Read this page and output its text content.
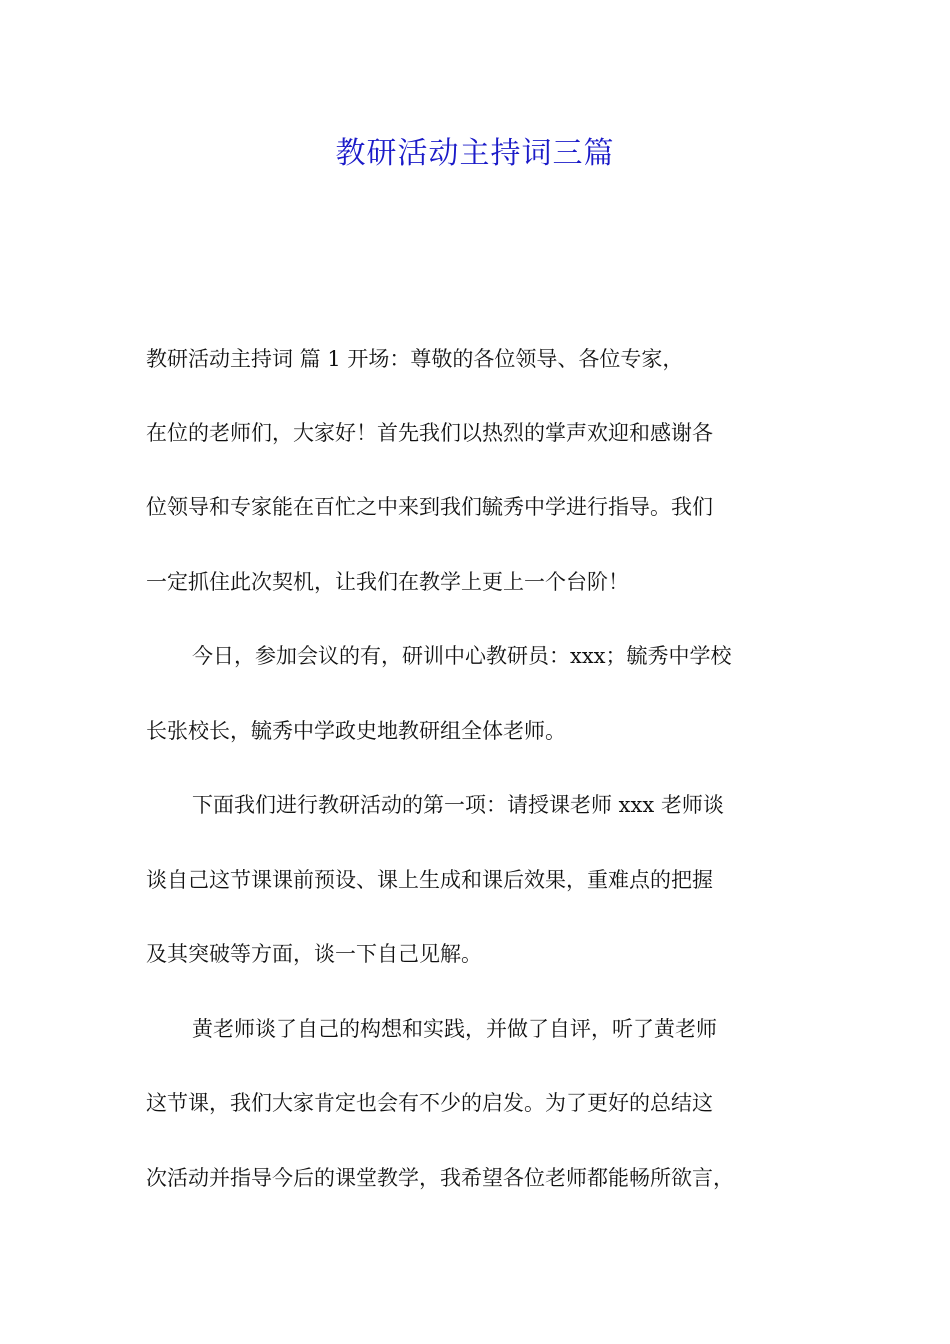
教研活动主持词三篇
教研活动主持词 篇 1 开场：尊敬的各位领导、各位专家，
在位的老师们，大家好！首先我们以热烈的掌声欢迎和感谢各
位领导和专家能在百忙之中来到我们毓秀中学进行指导。我们
一定抓住此次契机，让我们在教学上更上一个台阶！
今日，参加会议的有，研训中心教研员：xxx；毓秀中学校
长张校长，毓秀中学政史地教研组全体老师。
下面我们进行教研活动的第一项：请授课老师 xxx 老师谈
谈自己这节课课前预设、课上生成和课后效果，重难点的把握
及其突破等方面，谈一下自己见解。
黄老师谈了自己的构想和实践，并做了自评，听了黄老师
这节课，我们大家肯定也会有不少的启发。为了更好的总结这
次活动并指导今后的课堂教学，我希望各位老师都能畅所欲言，
